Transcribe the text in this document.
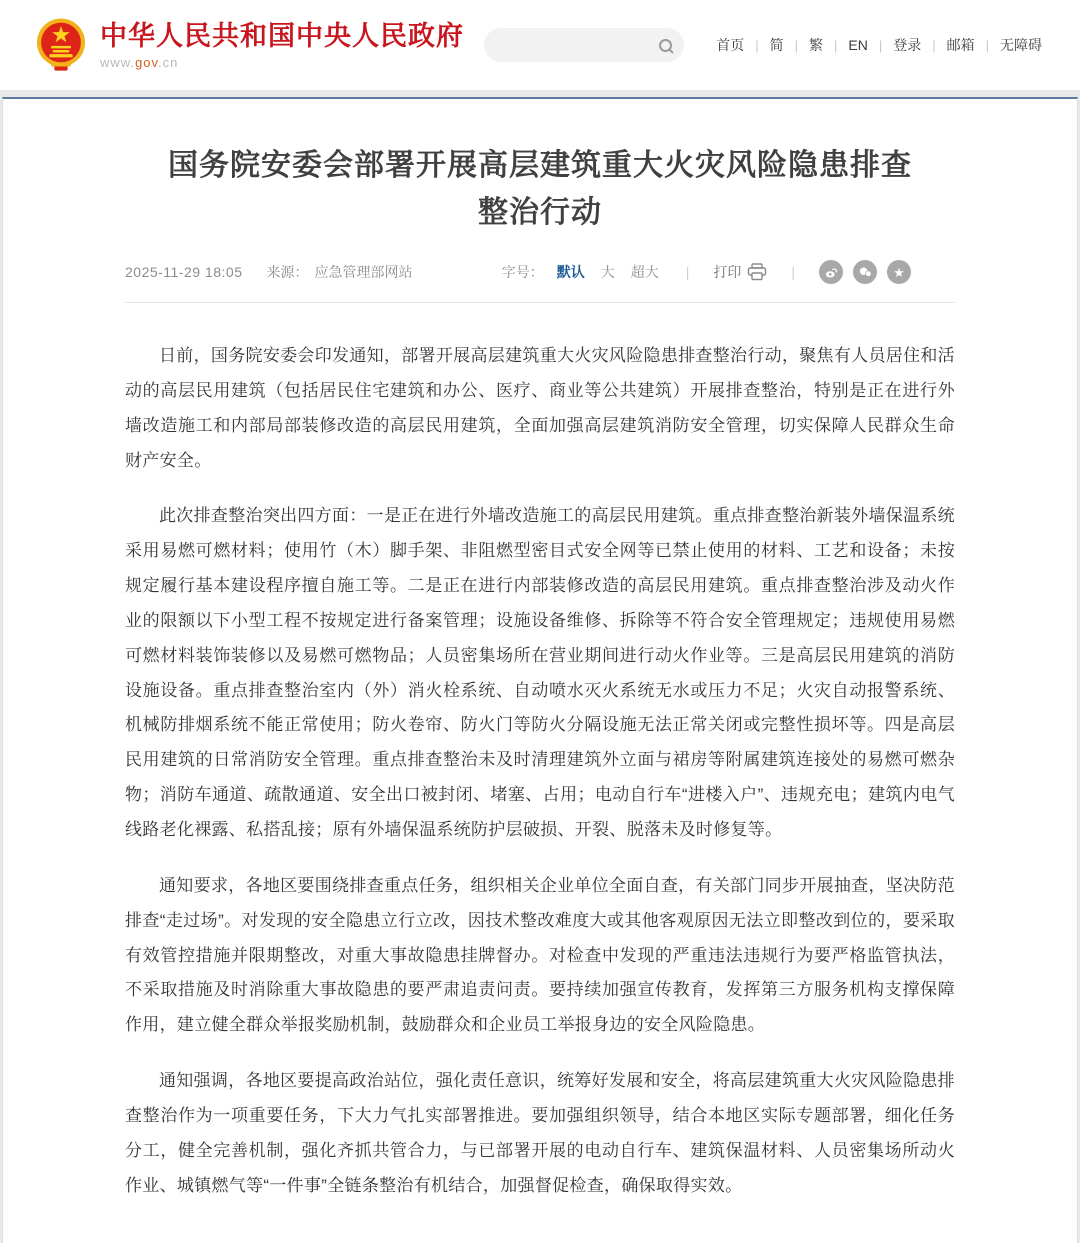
中华人民共和国中央人民政府
www.gov.cn
首页 | 简 | 繁 | EN | 登录 | 邮箱 | 无障碍
国务院安委会部署开展高层建筑重大火灾风险隐患排查整治行动
2025-11-29 18:05 来源： 应急管理部网站	字号： 默认 大 超大 | 打印	|	★

日前，国务院安委会印发通知，部署开展高层建筑重大火灾风险隐患排查整治行动，聚焦有人员居住和活动的高层民用建筑（包括居民住宅建筑和办公、医疗、商业等公共建筑）开展排查整治，特别是正在进行外墙改造施工和内部局部装修改造的高层民用建筑，全面加强高层建筑消防安全管理，切实保障人民群众生命财产安全。

此次排查整治突出四方面：一是正在进行外墙改造施工的高层民用建筑。重点排查整治新装外墙保温系统采用易燃可燃材料；使用竹（木）脚手架、非阻燃型密目式安全网等已禁止使用的材料、工艺和设备；未按规定履行基本建设程序擅自施工等。二是正在进行内部装修改造的高层民用建筑。重点排查整治涉及动火作业的限额以下小型工程不按规定进行备案管理；设施设备维修、拆除等不符合安全管理规定；违规使用易燃可燃材料装饰装修以及易燃可燃物品；人员密集场所在营业期间进行动火作业等。三是高层民用建筑的消防设施设备。重点排查整治室内（外）消火栓系统、自动喷水灭火系统无水或压力不足；火灾自动报警系统、机械防排烟系统不能正常使用；防火卷帘、防火门等防火分隔设施无法正常关闭或完整性损坏等。四是高层民用建筑的日常消防安全管理。重点排查整治未及时清理建筑外立面与裙房等附属建筑连接处的易燃可燃杂物；消防车通道、疏散通道、安全出口被封闭、堵塞、占用；电动自行车“进楼入户”、违规充电；建筑内电气线路老化裸露、私搭乱接；原有外墙保温系统防护层破损、开裂、脱落未及时修复等。

通知要求，各地区要围绕排查重点任务，组织相关企业单位全面自查，有关部门同步开展抽查，坚决防范排查“走过场”。对发现的安全隐患立行立改，因技术整改难度大或其他客观原因无法立即整改到位的，要采取有效管控措施并限期整改，对重大事故隐患挂牌督办。对检查中发现的严重违法违规行为要严格监管执法，不采取措施及时消除重大事故隐患的要严肃追责问责。要持续加强宣传教育，发挥第三方服务机构支撑保障作用，建立健全群众举报奖励机制，鼓励群众和企业员工举报身边的安全风险隐患。

通知强调，各地区要提高政治站位，强化责任意识，统筹好发展和安全，将高层建筑重大火灾风险隐患排查整治作为一项重要任务，下大力气扎实部署推进。要加强组织领导，结合本地区实际专题部署，细化任务分工，健全完善机制，强化齐抓共管合力，与已部署开展的电动自行车、建筑保温材料、人员密集场所动火作业、城镇燃气等“一件事”全链条整治有机结合，加强督促检查，确保取得实效。
